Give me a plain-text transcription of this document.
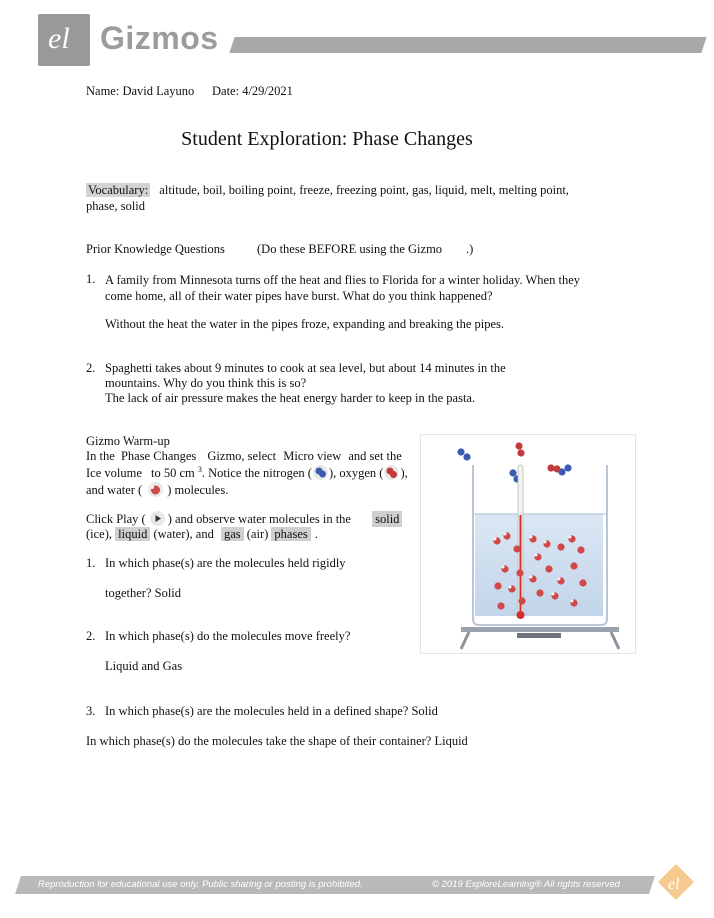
el Gizmos
Name: David Layuno Date: 4/29/2021
Student Exploration: Phase Changes
Vocabulary: altitude, boil, boiling point, freeze, freezing point, gas, liquid, melt, melting point,
phase, solid
Prior Knowledge Questions	(Do these BEFORE using the Gizmo .)
1. A family from Minnesota turns off the heat and flies to Florida for a winter holiday. When they
come home, all of their water pipes have burst. What do you think happened?
Without the heat the water in the pipes froze, expanding and breaking the pipes.
2. Spaghetti takes about 9 minutes to cook at sea level, but about 14 minutes in the
mountains. Why do you think this is so?
The lack of air pressure makes the heat energy harder to keep in the pasta.
Gizmo Warm-up
In the Phase Changes Gizmo, select Micro view and set the
Ice volume to 50 cm $^3$. Notice the nitrogen ( ), oxygen ( ),
and water ( ) molecules.
Click Play ( ) and observe water molecules in the solid
(ice), liquid (water), and gas (air) phases .
1. In which phase(s) are the molecules held rigidly
together? Solid
2. In which phase(s) do the molecules move freely?
Liquid and Gas
3. In which phase(s) are the molecules held in a defined shape? Solid
In which phase(s) do the molecules take the shape of their container? Liquid
Reproduction for educational use only. Public sharing or posting is prohibited.	© 2019 ExploreLearning® All rights reserved	el
